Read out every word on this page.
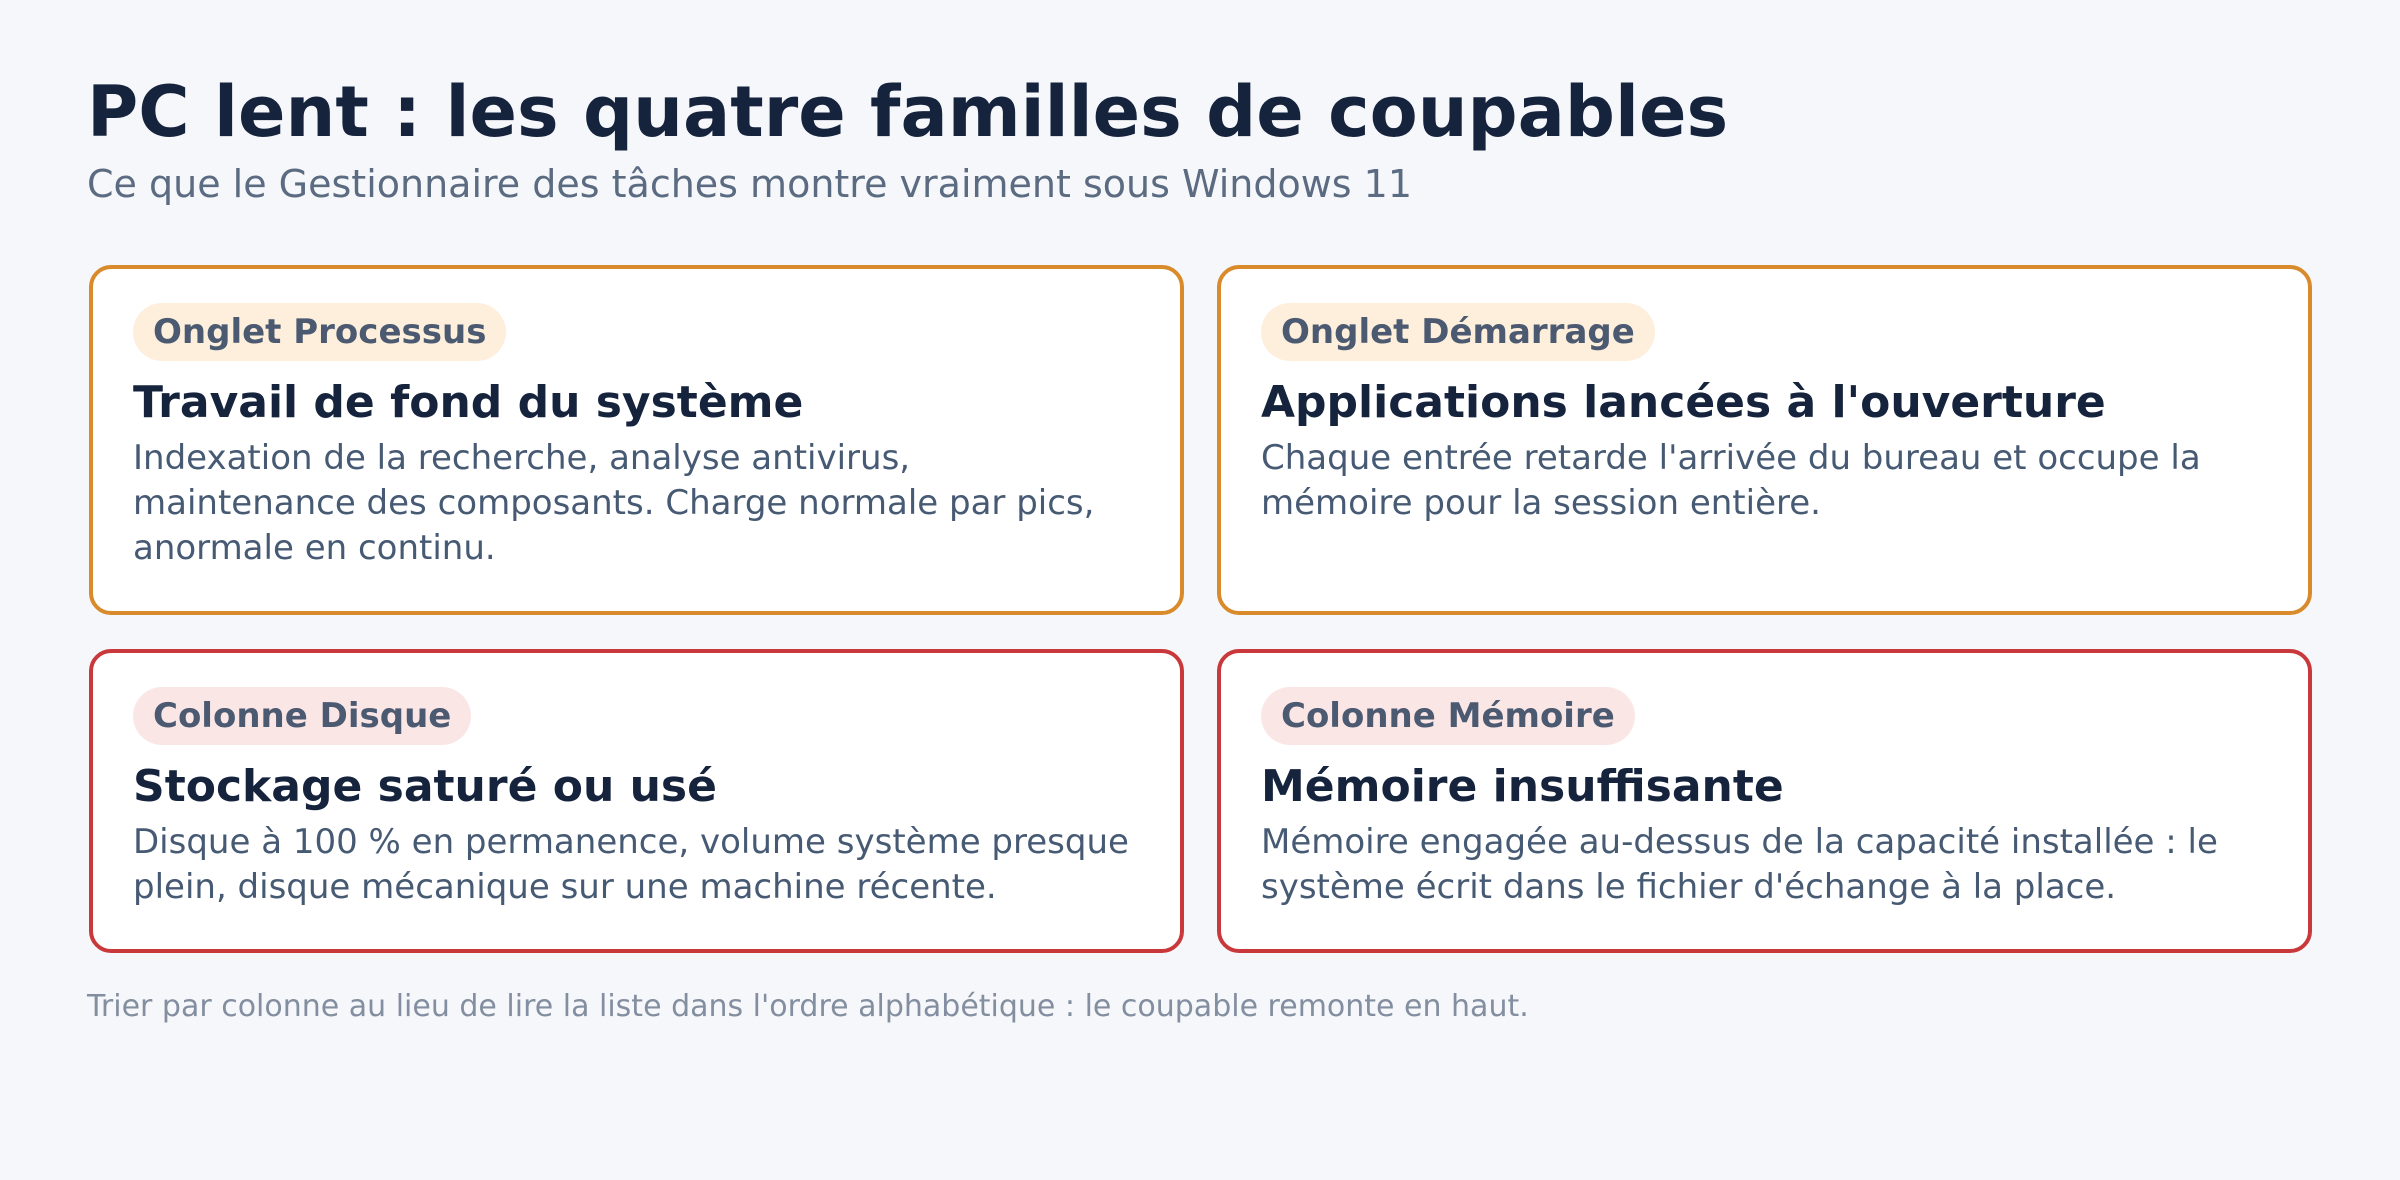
PC lent : les quatre familles de coupables
Ce que le Gestionnaire des tâches montre vraiment sous Windows 11
Onglet Processus
Travail de fond du système
Indexation de la recherche, analyse antivirus, maintenance des composants. Charge normale par pics, anormale en continu.
Onglet Démarrage
Applications lancées à l'ouverture
Chaque entrée retarde l'arrivée du bureau et occupe la mémoire pour la session entière.
Colonne Disque
Stockage saturé ou usé
Disque à 100 % en permanence, volume système presque plein, disque mécanique sur une machine récente.
Colonne Mémoire
Mémoire insuffisante
Mémoire engagée au-dessus de la capacité installée : le système écrit dans le fichier d'échange à la place.
Trier par colonne au lieu de lire la liste dans l'ordre alphabétique : le coupable remonte en haut.
